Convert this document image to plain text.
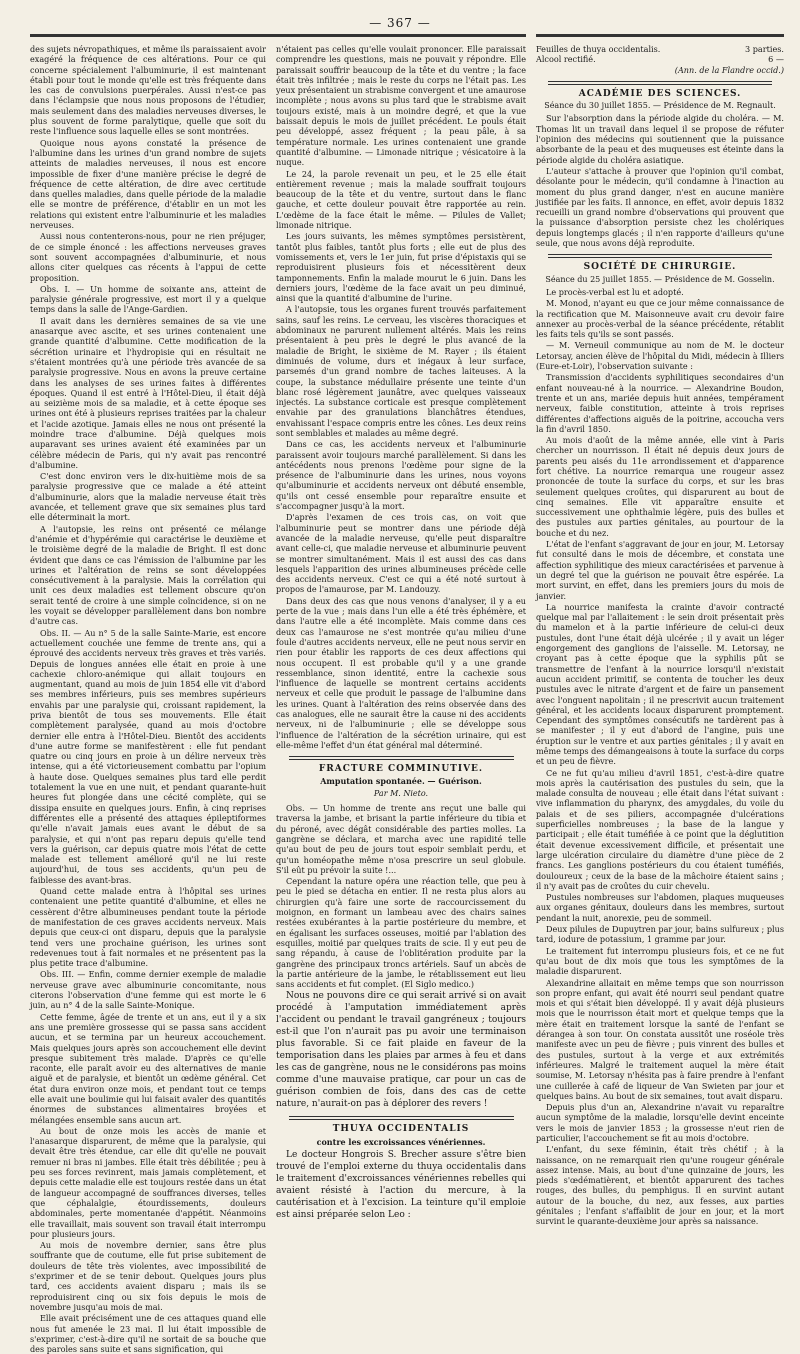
— 367 —

des sujets névropathiques, et même ils paraissaient avoir exagéré la fréquence de ces altérations. Pour ce qui concerne spécialement l'albuminurie, il est maintenant établi pour tout le monde qu'elle est très fréquente dans les cas de convulsions puerpérales. Aussi n'est-ce pas dans l'éclampsie que nous nous proposons de l'étudier, mais seulement dans des maladies nerveuses diverses, le plus souvent de forme paralytique, quelle que soit du reste l'influence sous laquelle elles se sont montrées.

Quoique nous ayons constaté la présence de l'albumine dans les urines d'un grand nombre de sujets atteints de maladies nerveuses, il nous est encore impossible de fixer d'une manière précise le degré de fréquence de cette altération, de dire avec certitude dans quelles maladies, dans quelle période de la maladie elle se montre de préférence, d'établir en un mot les relations qui existent entre l'albuminurie et les maladies nerveuses.

Aussi nous contenterons-nous, pour ne rien préjuger, de ce simple énoncé : les affections nerveuses graves sont souvent accompagnées d'albuminurie, et nous allons citer quelques cas récents à l'appui de cette proposition.

Obs. I. — Un homme de soixante ans, atteint de paralysie générale progressive, est mort il y a quelque temps dans la salle de l'Ange-Gardien.

Il avait dans les dernières semaines de sa vie une anasarque avec ascite, et ses urines contenaient une grande quantité d'albumine. Cette modification de la sécrétion urinaire et l'hydropisie qui en résultait ne s'étaient montrées qu'à une période très avancée de sa paralysie progressive. Nous en avons la preuve certaine dans les analyses de ses urines faites à différentes époques. Quand il est entré à l'Hôtel-Dieu, il était déjà au seizième mois de sa maladie, et à cette époque ses urines ont été à plusieurs reprises traitées par la chaleur et l'acide azotique. Jamais elles ne nous ont présenté la moindre trace d'albumine. Déjà quelques mois auparavant ses urines avaient été examinées par un célèbre médecin de Paris, qui n'y avait pas rencontré d'albumine.

C'est donc environ vers le dix-huitième mois de sa paralysie progressive que ce malade a été atteint d'albuminurie, alors que la maladie nerveuse était très avancée, et tellement grave que six semaines plus tard elle déterminait la mort.

A l'autopsie, les reins ont présenté ce mélange d'anémie et d'hypérémie qui caractérise le deuxième et le troisième degré de la maladie de Bright. Il est donc évident que dans ce cas l'émission de l'albumine par les urines et l'altération de reins se sont développées consécutivement à la paralysie. Mais la corrélation qui unit ces deux maladies est tellement obscure qu'on serait tenté de croire à une simple coïncidence, si on ne les voyait se développer parallèlement dans bon nombre d'autre cas.

Obs. II. — Au n° 5 de la salle Sainte-Marie, est encore actuellement couchée une femme de trente ans, qui a éprouvé des accidents nerveux très graves et très variés. Depuis de longues années elle était en proie à une cachexie chloro-anémique qui allait toujours en augmentant, quand au mois de juin 1854 elle vit d'abord ses membres inférieurs, puis ses membres supérieurs envahis par une paralysie qui, croissant rapidement, la priva bientôt de tous ses mouvements. Elle était complètement paralysée, quand au mois d'octobre dernier elle entra à l'Hôtel-Dieu. Bientôt des accidents d'une autre forme se manifestèrent : elle fut pendant quatre ou cinq jours en proie à un délire nerveux très intense, qui a été victorieusement combattu par l'opium à haute dose. Quelques semaines plus tard elle perdit totalement la vue en une nuit, et pendant quarante-huit heures fut plongée dans une cécité complète, qui se dissipa ensuite en quelques jours. Enfin, à cinq reprises différentes elle a présenté des attaques épileptiformes qu'elle n'avait jamais eues avant le début de sa paralysie, et qui n'ont pas reparu depuis qu'elle tend vers la guérison, car depuis quatre mois l'état de cette malade est tellement amélioré qu'il ne lui reste aujourd'hui, de tous ses accidents, qu'un peu de faiblesse des avant-bras.

Quand cette malade entra à l'hôpital ses urines contenaient une petite quantité d'albumine, et elles ne cessèrent d'être albumineuses pendant toute la période de manifestation de ces graves accidents nerveux. Mais depuis que ceux-ci ont disparu, depuis que la paralysie tend vers une prochaine guérison, les urines sont redevenues tout à fait normales et ne présentent pas la plus petite trace d'albumine.

Obs. III. — Enfin, comme dernier exemple de maladie nerveuse grave avec albuminurie concomitante, nous citerons l'observation d'une femme qui est morte le 6 juin, au n° 4 de la salle Sainte-Monique.

Cette femme, âgée de trente et un ans, eut il y a six ans une première grossesse qui se passa sans accident aucun, et se termina par un heureux accouchement. Mais quelques jours après son accouchement elle devint presque subitement très malade. D'après ce qu'elle raconte, elle paraît avoir eu des alternatives de manie aiguë et de paralysie, et bientôt un œdème général. Cet état dura environ onze mois, et pendant tout ce temps elle avait une boulimie qui lui faisait avaler des quantités énormes de substances alimentaires broyées et mélangées ensemble sans aucun art.

Au bout de onze mois les accès de manie et l'anasarque disparurent, de même que la paralysie, qui devait être très étendue, car elle dit qu'elle ne pouvait remuer ni bras ni jambes. Elle était très débilitée ; peu à peu ses forces revinrent, mais jamais complètement, et depuis cette maladie elle est toujours restée dans un état de langueur accompagné de souffrances diverses, telles que céphalalgie, étourdissements, douleurs abdominales, perte momentanée d'appétit. Néanmoins elle travaillait, mais souvent son travail était interrompu pour plusieurs jours.

Au mois de novembre dernier, sans être plus souffrante que de coutume, elle fut prise subitement de douleurs de tête très violentes, avec impossibilité de s'exprimer et de se tenir debout. Quelques jours plus tard, ces accidents avaient disparu ; mais ils se reproduisirent cinq ou six fois depuis le mois de novembre jusqu'au mois de mai.

Elle avait précisément une de ces attaques quand elle nous fut amenée le 23 mai. Il lui était impossible de s'exprimer, c'est-à-dire qu'il ne sortait de sa bouche que des paroles sans suite et sans signification, qui

n'étaient pas celles qu'elle voulait prononcer. Elle paraissait comprendre les questions, mais ne pouvait y répondre. Elle paraissait souffrir beaucoup de la tête et du ventre ; la face était très infiltrée ; mais le reste du corps ne l'était pas. Les yeux présentaient un strabisme convergent et une amaurose incomplète ; nous avons su plus tard que le strabisme avait toujours existé, mais à un moindre degré, et que la vue baissait depuis le mois de juillet précédent. Le pouls était peu développé, assez fréquent ; la peau pâle, à sa température normale. Les urines contenaient une grande quantité d'albumine. — Limonade nitrique ; vésicatoire à la nuque.

Le 24, la parole revenait un peu, et le 25 elle était entièrement revenue ; mais la malade souffrait toujours beaucoup de la tête et du ventre, surtout dans le flanc gauche, et cette douleur pouvait être rapportée au rein. L'œdème de la face était le même. — Pilules de Vallet; limonade nitrique.

Les jours suivants, les mêmes symptômes persistèrent, tantôt plus faibles, tantôt plus forts ; elle eut de plus des vomissements et, vers le 1er juin, fut prise d'épistaxis qui se reproduisirent plusieurs fois et nécessitèrent deux tamponnements. Enfin la malade mourut le 6 juin. Dans les derniers jours, l'œdème de la face avait un peu diminué, ainsi que la quantité d'albumine de l'urine.

A l'autopsie, tous les organes furent trouvés parfaitement sains, sauf les reins. Le cerveau, les viscères thoraciques et abdominaux ne parurent nullement altérés. Mais les reins présentaient à peu près le degré le plus avancé de la maladie de Bright, le sixième de M. Rayer ; ils étaient diminués de volume, durs et inégaux à leur surface, parsemés d'un grand nombre de taches laiteuses. A la coupe, la substance médullaire présente une teinte d'un blanc rosé légèrement jaunâtre, avec quelques vaisseaux injectés. La substance corticale est presque complètement envahie par des granulations blanchâtres étendues, envahissant l'espace compris entre les cônes. Les deux reins sont semblables et malades au même degré.

Dans ce cas, les accidents nerveux et l'albuminurie paraissent avoir toujours marché parallèlement. Si dans les antécédents nous prenons l'œdème pour signe de la présence de l'albuminurie dans les urines, nous voyons qu'albuminurie et accidents nerveux ont débuté ensemble, qu'ils ont cessé ensemble pour reparaître ensuite et s'accompagner jusqu'à la mort.

D'après l'examen de ces trois cas, on voit que l'albuminurie peut se montrer dans une période déjà avancée de la maladie nerveuse, qu'elle peut disparaître avant celle-ci, que maladie nerveuse et albuminurie peuvent se montrer simultanément. Mais il est aussi des cas dans lesquels l'apparition des urines albumineuses précède celle des accidents nerveux. C'est ce qui a été noté surtout à propos de l'amaurose, par M. Landouzy.

Dans deux des cas que nous venons d'analyser, il y a eu perte de la vue ; mais dans l'un elle a été très éphémère, et dans l'autre elle a été incomplète. Mais comme dans ces deux cas l'amaurose ne s'est montrée qu'au milieu d'une foule d'autres accidents nerveux, elle ne peut nous servir en rien pour établir les rapports de ces deux affections qui nous occupent. Il est probable qu'il y a une grande ressemblance, sinon identité, entre la cachexie sous l'influence de laquelle se montrent certains accidents nerveux et celle que produit le passage de l'albumine dans les urines. Quant à l'altération des reins observée dans des cas analogues, elle ne saurait être la cause ni des accidents nerveux, ni de l'albuminurie ; elle se développe sous l'influence de l'altération de la sécrétion urinaire, qui est elle-même l'effet d'un état général mal déterminé.

FRACTURE COMMINUTIVE.
Amputation spontanée. — Guérison.
Par M. Nieto.

Obs. — Un homme de trente ans reçut une balle qui traversa la jambe, et brisant la partie inférieure du tibia et du péroné, avec dégât considérable des parties molles. La gangrène se déclara, et marcha avec une rapidité telle qu'au bout de peu de jours tout espoir semblait perdu, et qu'un homéopathe même n'osa prescrire un seul globule. S'il eût pu prévoir la suite !...

Cependant la nature opéra une réaction telle, que peu à peu le pied se détacha en entier. Il ne resta plus alors au chirurgien qu'à faire une sorte de raccourcissement du moignon, en formant un lambeau avec des chairs saines restées exubérantes à la partie postérieure du membre, et en égalisant les surfaces osseuses, moitié par l'ablation des esquilles, moitié par quelques traits de scie. Il y eut peu de sang répandu, à cause de l'oblitération produite par la gangrène des principaux troncs artériels. Sauf un abcès de la partie antérieure de la jambe, le rétablissement eut lieu sans accidents et fut complet. (El Siglo medico.)

Nous ne pouvons dire ce qui serait arrivé si on avait procédé à l'amputation immédiatement après l'accident ou pendant le travail gangréneux ; toujours est-il que l'on n'aurait pas pu avoir une terminaison plus favorable. Si ce fait plaide en faveur de la temporisation dans les plaies par armes à feu et dans les cas de gangrène, nous ne le considérons pas moins comme d'une mauvaise pratique, car pour un cas de guérison combien de fois, dans des cas de cette nature, n'aurait-on pas à déplorer des revers !

THUYA OCCIDENTALIS
contre les excroissances vénériennes.

Le docteur Hongrois S. Brecher assure s'être bien trouvé de l'emploi externe du thuya occidentalis dans le traitement d'excroissances vénériennes rebelles qui avaient résisté à l'action du mercure, à la cautérisation et à l'excision. La teinture qu'il emploie est ainsi préparée selon Leo :

Feuilles de thuya occidentalis.	3 parties.
Alcool rectifié.	6 —
(Ann. de la Flandre occid.)
ACADÉMIE DES SCIENCES.
Séance du 30 juillet 1855. — Présidence de M. Regnault.

Sur l'absorption dans la période algide du choléra. — M. Thomas lit un travail dans lequel il se propose de réfuter l'opinion des médecins qui soutiennent que la puissance absorbante de la peau et des muqueuses est éteinte dans la période algide du choléra asiatique.

L'auteur s'attache à prouver que l'opinion qu'il combat, désolante pour le médecin, qu'il condamne à l'inaction au moment du plus grand danger, n'est en aucune manière justifiée par les faits. Il annonce, en effet, avoir depuis 1832 recueilli un grand nombre d'observations qui prouvent que la puissance d'absorption persiste chez les cholériques depuis longtemps glacés ; il n'en rapporte d'ailleurs qu'une seule, que nous avons déjà reproduite.

SOCIÉTÉ DE CHIRURGIE.
Séance du 25 juillet 1855. — Présidence de M. Gosselin.

Le procès-verbal est lu et adopté.

M. Monod, n'ayant eu que ce jour même connaissance de la rectification que M. Maisonneuve avait cru devoir faire annexer au procès-verbal de la séance précédente, rétablit les faits tels qu'ils se sont passés.

— M. Verneuil communique au nom de M. le docteur Letorsay, ancien élève de l'hôpital du Midi, médecin à Illiers (Eure-et-Loir), l'observation suivante :

Transmission d'accidents syphilitiques secondaires d'un enfant nouveau-né à la nourrice. — Alexandrine Boudon, trente et un ans, mariée depuis huit années, tempérament nerveux, faible constitution, atteinte à trois reprises différentes d'affections aiguës de la poitrine, accoucha vers la fin d'avril 1850.

Au mois d'août de la même année, elle vint à Paris chercher un nourrisson. Il était né depuis deux jours de parents peu aisés du 11e arrondissement et d'apparence fort chétive. La nourrice remarqua une rougeur assez prononcée de toute la surface du corps, et sur les bras seulement quelques croûtes, qui disparurent au bout de cinq semaines. Elle vit apparaître ensuite et successivement une ophthalmie légère, puis des bulles et des pustules aux parties génitales, au pourtour de la bouche et du nez.

L'état de l'enfant s'aggravant de jour en jour, M. Letorsay fut consulté dans le mois de décembre, et constata une affection syphilitique des mieux caractérisées et parvenue à un degré tel que la guérison ne pouvait être espérée. La mort survint, en effet, dans les premiers jours du mois de janvier.

La nourrice manifesta la crainte d'avoir contracté quelque mal par l'allaitement : le sein droit présentait près du mamelon et à la partie inférieure de celui-ci deux pustules, dont l'une était déjà ulcérée ; il y avait un léger engorgement des ganglions de l'aisselle. M. Letorsay, ne croyant pas à cette époque que la syphilis pût se transmettre de l'enfant à la nourrice lorsqu'il n'existait aucun accident primitif, se contenta de toucher les deux pustules avec le nitrate d'argent et de faire un pansement avec l'onguent napolitain ; il ne prescrivit aucun traitement général, et les accidents locaux disparurent promptement. Cependant des symptômes consécutifs ne tardèrent pas à se manifester ; il y eut d'abord de l'angine, puis une éruption sur le ventre et aux parties génitales ; il y avait en même temps des démangeaisons à toute la surface du corps et un peu de fièvre.

Ce ne fut qu'au milieu d'avril 1851, c'est-à-dire quatre mois après la cautérisation des pustules du sein, que la malade consulta de nouveau ; elle était dans l'état suivant : vive inflammation du pharynx, des amygdales, du voile du palais et de ses piliers, accompagnée d'ulcérations superficielles nombreuses ; la base de la langue y participait ; elle était tuméfiée à ce point que la déglutition était devenue excessivement difficile, et présentait une large ulcération circulaire du diamètre d'une pièce de 2 francs. Les ganglions postérieurs du cou étaient tuméfiés, douloureux ; ceux de la base de la mâchoire étaient sains ; il n'y avait pas de croûtes du cuir chevelu.

Pustules nombreuses sur l'abdomen, plaques muqueuses aux organes génitaux, douleurs dans les membres, surtout pendant la nuit, anorexie, peu de sommeil.

Deux pilules de Dupuytren par jour, bains sulfureux ; plus tard, iodure de potassium, 1 gramme par jour.

Le traitement fut interrompu plusieurs fois, et ce ne fut qu'au bout de dix mois que tous les symptômes de la maladie disparurent.

Alexandrine allaitait en même temps que son nourrisson son propre enfant, qui avait été nourri seul pendant quatre mois et qui s'était bien développé. Il y avait déjà plusieurs mois que le nourrisson était mort et quelque temps que la mère était en traitement lorsque la santé de l'enfant se dérangea à son tour. On constata aussitôt une roséole très manifeste avec un peu de fièvre ; puis vinrent des bulles et des pustules, surtout à la verge et aux extrémités inférieures. Malgré le traitement auquel la mère était soumise, M. Letorsay n'hésita pas à faire prendre à l'enfant une cuillerée à café de liqueur de Van Swieten par jour et quelques bains. Au bout de six semaines, tout avait disparu.

Depuis plus d'un an, Alexandrine n'avait vu reparaître aucun symptôme de la maladie, lorsqu'elle devint enceinte vers le mois de janvier 1853 ; la grossesse n'eut rien de particulier, l'accouchement se fit au mois d'octobre.

L'enfant, du sexe féminin, était très chétif ; à la naissance, on ne remarquait rien qu'une rougeur générale assez intense. Mais, au bout d'une quinzaine de jours, les pieds s'œdématièrent, et bientôt apparurent des taches rouges, des bulles, du pemphigus. Il en survint autant autour de la bouche, du nez, aux fesses, aux parties génitales ; l'enfant s'affaiblit de jour en jour, et la mort survint le quarante-deuxième jour après sa naissance.
